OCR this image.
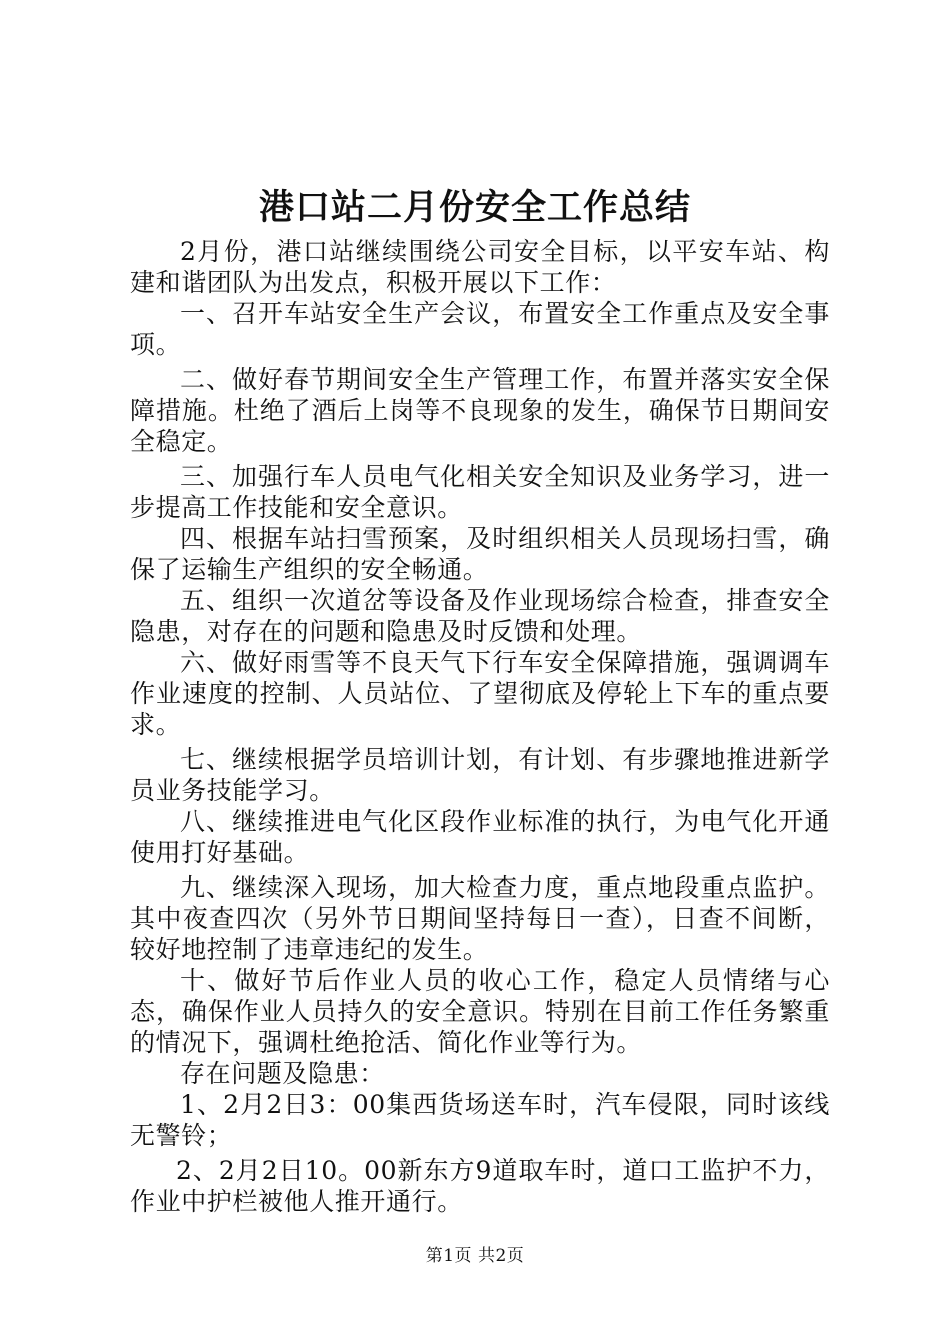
港口站二月份安全工作总结

2月份，港口站继续围绕公司安全目标，以平安车站、构建和谐团队为出发点，积极开展以下工作：

一、召开车站安全生产会议，布置安全工作重点及安全事项。

二、做好春节期间安全生产管理工作，布置并落实安全保障措施。杜绝了酒后上岗等不良现象的发生，确保节日期间安全稳定。

三、加强行车人员电气化相关安全知识及业务学习，进一步提高工作技能和安全意识。

四、根据车站扫雪预案，及时组织相关人员现场扫雪，确保了运输生产组织的安全畅通。

五、组织一次道岔等设备及作业现场综合检查，排查安全隐患，对存在的问题和隐患及时反馈和处理。

六、做好雨雪等不良天气下行车安全保障措施，强调调车作业速度的控制、人员站位、了望彻底及停轮上下车的重点要求。

七、继续根据学员培训计划，有计划、有步骤地推进新学员业务技能学习。

八、继续推进电气化区段作业标准的执行，为电气化开通使用打好基础。

九、继续深入现场，加大检查力度，重点地段重点监护。其中夜查四次（另外节日期间坚持每日一查），日查不间断，较好地控制了违章违纪的发生。

十、做好节后作业人员的收心工作，稳定人员情绪与心态，确保作业人员持久的安全意识。特别在目前工作任务繁重的情况下，强调杜绝抢活、简化作业等行为。

存在问题及隐患：

1、2月2日3：00集西货场送车时，汽车侵限，同时该线无警铃；

2、2月2日10。00新东方9道取车时，道口工监护不力，作业中护栏被他人推开通行。

第1页 共2页
